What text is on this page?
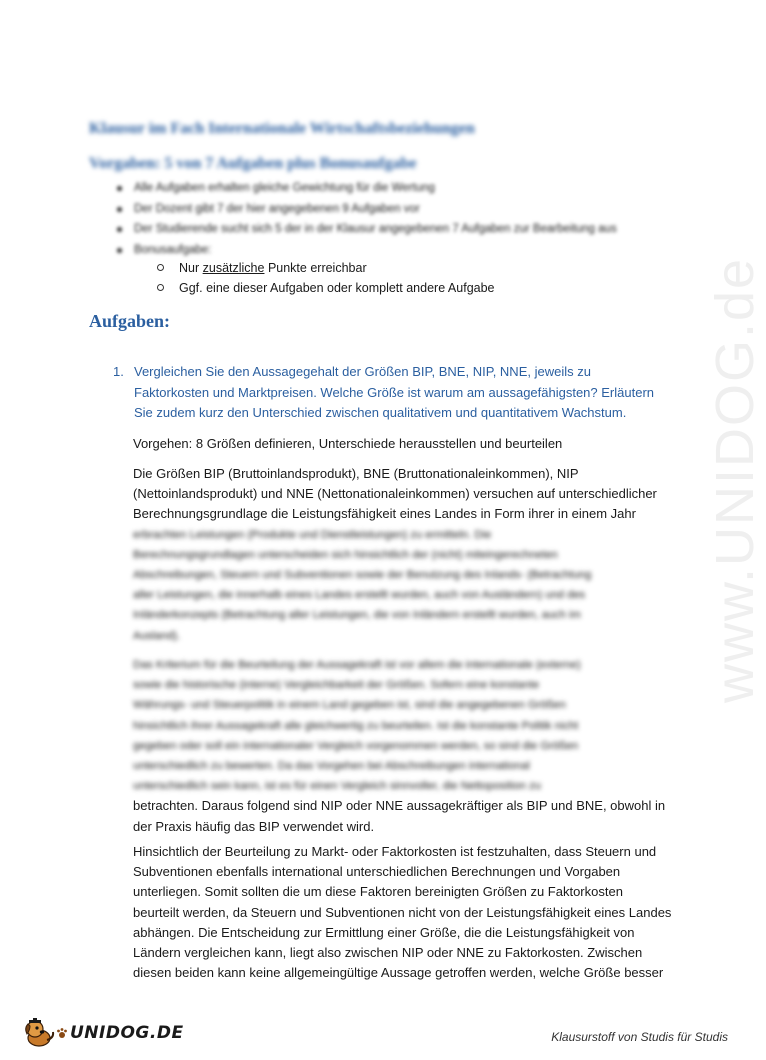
Klausur im Fach Internationale Wirtschaftsbeziehungen
Vorgaben: 5 von 7 Aufgaben plus Bonusaufgabe
Alle Aufgaben erhalten gleiche Gewichtung für die Wertung
Der Dozent gibt 7 der hier angegebenen 9 Aufgaben vor
Der Studierende sucht sich 5 der in der Klausur angegebenen 7 Aufgaben zur Bearbeitung aus
Bonusaufgabe:
Nur zusätzliche Punkte erreichbar
Ggf. eine dieser Aufgaben oder komplett andere Aufgabe
Aufgaben:
1. Vergleichen Sie den Aussagegehalt der Größen BIP, BNE, NIP, NNE, jeweils zu Faktorkosten und Marktpreisen. Welche Größe ist warum am aussagefähigsten? Erläutern Sie zudem kurz den Unterschied zwischen qualitativem und quantitativem Wachstum.

Vorgehen: 8 Größen definieren, Unterschiede herausstellen und beurteilen

Die Größen BIP (Bruttoinlandsprodukt), BNE (Bruttonationaleinkommen), NIP
(Nettoinlandsprodukt) und NNE (Nettonationaleinkommen) versuchen auf unterschiedlicher
Berechnungsgrundlage die Leistungsfähigkeit eines Landes in Form ihrer in einem Jahr
erbrachten Leistungen (Produkte und Dienstleistungen) zu ermitteln. Die
Berechnungsgrundlagen unterscheiden sich hinsichtlich der (nicht) miteingerechneten
Abschreibungen, Steuern und Subventionen sowie der Benutzung des Inlands- (Betrachtung
aller Leistungen, die innerhalb eines Landes erstellt wurden, auch von Ausländern) und des
Inländerkonzepts (Betrachtung aller Leistungen, die von Inländern erstellt wurden, auch im
Ausland).

Das Kriterium für die Beurteilung der Aussagekraft ist vor allem die internationale (externe)
sowie die historische (interne) Vergleichbarkeit der Größen. Sofern eine konstante
Währungs- und Steuerpolitik in einem Land gegeben ist, sind die angegebenen Größen
hinsichtlich ihrer Aussagekraft alle gleichwertig zu beurteilen. Ist die konstante Politik nicht
gegeben oder soll ein internationaler Vergleich vorgenommen werden, so sind die Größen
unterschiedlich zu bewerten. Da das Vorgehen bei Abschreibungen international
unterschiedlich sein kann, ist es für einen Vergleich sinnvoller, die Nettoposition zu
betrachten. Daraus folgend sind NIP oder NNE aussagekräftiger als BIP und BNE, obwohl in
der Praxis häufig das BIP verwendet wird.

Hinsichtlich der Beurteilung zu Markt- oder Faktorkosten ist festzuhalten, dass Steuern und
Subventionen ebenfalls international unterschiedlichen Berechnungen und Vorgaben
unterliegen. Somit sollten die um diese Faktoren bereinigten Größen zu Faktorkosten
beurteilt werden, da Steuern und Subventionen nicht von der Leistungsfähigkeit eines Landes
abhängen. Die Entscheidung zur Ermittlung einer Größe, die die Leistungsfähigkeit von
Ländern vergleichen kann, liegt also zwischen NIP oder NNE zu Faktorkosten. Zwischen
diesen beiden kann keine allgemeingültige Aussage getroffen werden, welche Größe besser

www.UNIDOG.de
UNIDOG.DE	Klausurstoff von Studis für Studis
